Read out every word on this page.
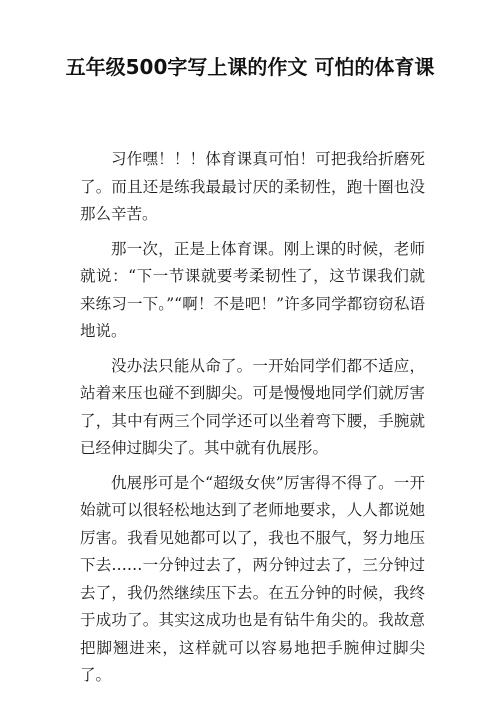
五年级500字写上课的作文 可怕的体育课

习作嘿！！！体育课真可怕！可把我给折磨死了。而且还是练我最最讨厌的柔韧性，跑十圈也没那么辛苦。

那一次，正是上体育课。刚上课的时候，老师就说：“下一节课就要考柔韧性了，这节课我们就来练习一下。”“啊！不是吧！”许多同学都窃窃私语地说。

没办法只能从命了。一开始同学们都不适应，站着来压也碰不到脚尖。可是慢慢地同学们就厉害了，其中有两三个同学还可以坐着弯下腰，手腕就已经伸过脚尖了。其中就有仇展彤。

仇展彤可是个“超级女侠”厉害得不得了。一开始就可以很轻松地达到了老师地要求，人人都说她厉害。我看见她都可以了，我也不服气，努力地压下去……一分钟过去了，两分钟过去了，三分钟过去了，我仍然继续压下去。在五分钟的时候，我终于成功了。其实这成功也是有钻牛角尖的。我故意把脚翘进来，这样就可以容易地把手腕伸过脚尖了。
